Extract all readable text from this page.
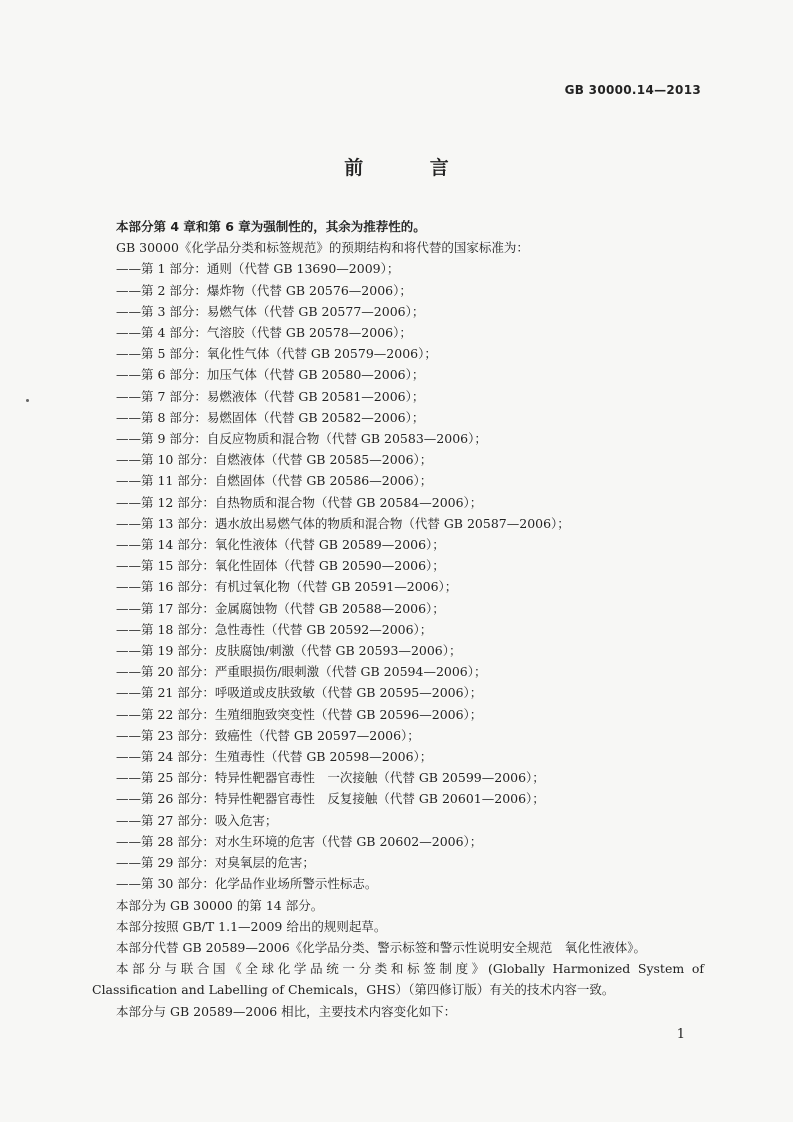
GB 30000.14—2013
前 言

本部分第 4 章和第 6 章为强制性的，其余为推荐性的。

GB 30000《化学品分类和标签规范》的预期结构和将代替的国家标准为：

——第 1 部分：通则（代替 GB 13690—2009）；

——第 2 部分：爆炸物（代替 GB 20576—2006）；

——第 3 部分：易燃气体（代替 GB 20577—2006）；

——第 4 部分：气溶胶（代替 GB 20578—2006）；

——第 5 部分：氧化性气体（代替 GB 20579—2006）；

——第 6 部分：加压气体（代替 GB 20580—2006）；

——第 7 部分：易燃液体（代替 GB 20581—2006）；

——第 8 部分：易燃固体（代替 GB 20582—2006）；

——第 9 部分：自反应物质和混合物（代替 GB 20583—2006）；

——第 10 部分：自燃液体（代替 GB 20585—2006）；

——第 11 部分：自燃固体（代替 GB 20586—2006）；

——第 12 部分：自热物质和混合物（代替 GB 20584—2006）；

——第 13 部分：遇水放出易燃气体的物质和混合物（代替 GB 20587—2006）；

——第 14 部分：氧化性液体（代替 GB 20589—2006）；

——第 15 部分：氧化性固体（代替 GB 20590—2006）；

——第 16 部分：有机过氧化物（代替 GB 20591—2006）；

——第 17 部分：金属腐蚀物（代替 GB 20588—2006）；

——第 18 部分：急性毒性（代替 GB 20592—2006）；

——第 19 部分：皮肤腐蚀/刺激（代替 GB 20593—2006）；

——第 20 部分：严重眼损伤/眼刺激（代替 GB 20594—2006）；

——第 21 部分：呼吸道或皮肤致敏（代替 GB 20595—2006）；

——第 22 部分：生殖细胞致突变性（代替 GB 20596—2006）；

——第 23 部分：致癌性（代替 GB 20597—2006）；

——第 24 部分：生殖毒性（代替 GB 20598—2006）；

——第 25 部分：特异性靶器官毒性　一次接触（代替 GB 20599—2006）；

——第 26 部分：特异性靶器官毒性　反复接触（代替 GB 20601—2006）；

——第 27 部分：吸入危害；

——第 28 部分：对水生环境的危害（代替 GB 20602—2006）；

——第 29 部分：对臭氧层的危害；

——第 30 部分：化学品作业场所警示性标志。

本部分为 GB 30000 的第 14 部分。

本部分按照 GB/T 1.1—2009 给出的规则起草。

本部分代替 GB 20589—2006《化学品分类、警示标签和警示性说明安全规范　氧化性液体》。

本部分与联合国《全球化学品统一分类和标签制度》(Globally Harmonized System of

Classification and Labelling of Chemicals，GHS）（第四修订版）有关的技术内容一致。

本部分与 GB 20589—2006 相比，主要技术内容变化如下：

1
